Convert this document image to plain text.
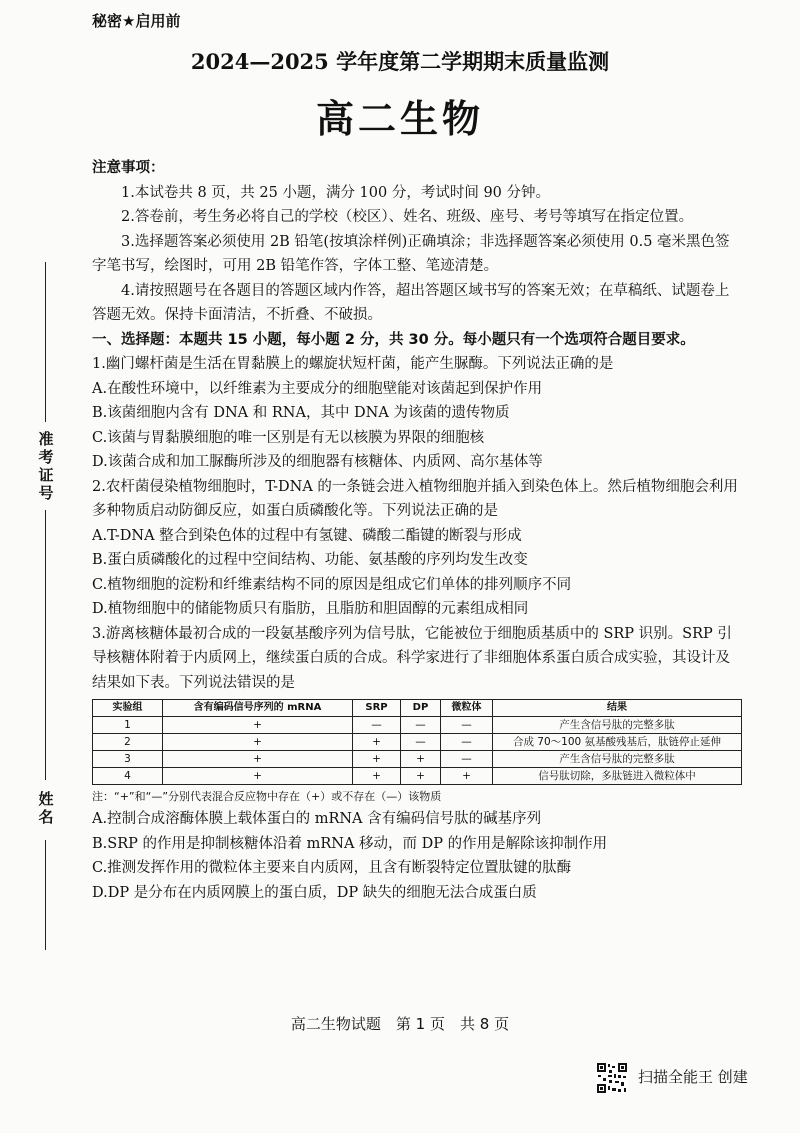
秘密★启用前
2024—2025 学年度第二学期期末质量监测
高二生物
准考证号
姓名

注意事项：

1.本试卷共 8 页，共 25 小题，满分 100 分，考试时间 90 分钟。

2.答卷前，考生务必将自己的学校（校区）、姓名、班级、座号、考号等填写在指定位置。

3.选择题答案必须使用 2B 铅笔(按填涂样例)正确填涂；非选择题答案必须使用 0.5 毫米黑色签字笔书写，绘图时，可用 2B 铅笔作答，字体工整、笔迹清楚。

4.请按照题号在各题目的答题区域内作答，超出答题区域书写的答案无效；在草稿纸、试题卷上答题无效。保持卡面清洁，不折叠、不破损。

一、选择题：本题共 15 小题，每小题 2 分，共 30 分。每小题只有一个选项符合题目要求。

1.幽门螺杆菌是生活在胃黏膜上的螺旋状短杆菌，能产生脲酶。下列说法正确的是

A.在酸性环境中，以纤维素为主要成分的细胞壁能对该菌起到保护作用

B.该菌细胞内含有 DNA 和 RNA，其中 DNA 为该菌的遗传物质

C.该菌与胃黏膜细胞的唯一区别是有无以核膜为界限的细胞核

D.该菌合成和加工脲酶所涉及的细胞器有核糖体、内质网、高尔基体等

2.农杆菌侵染植物细胞时，T-DNA 的一条链会进入植物细胞并插入到染色体上。然后植物细胞会利用多种物质启动防御反应，如蛋白质磷酸化等。下列说法正确的是

A.T-DNA 整合到染色体的过程中有氢键、磷酸二酯键的断裂与形成

B.蛋白质磷酸化的过程中空间结构、功能、氨基酸的序列均发生改变

C.植物细胞的淀粉和纤维素结构不同的原因是组成它们单体的排列顺序不同

D.植物细胞中的储能物质只有脂肪，且脂肪和胆固醇的元素组成相同

3.游离核糖体最初合成的一段氨基酸序列为信号肽，它能被位于细胞质基质中的 SRP 识别。SRP 引导核糖体附着于内质网上，继续蛋白质的合成。科学家进行了非细胞体系蛋白质合成实验，其设计及结果如下表。下列说法错误的是

实验组	含有编码信号序列的 mRNA	SRP	DP	微粒体	结果
1	+	—	—	—	产生含信号肽的完整多肽
2	+	+	—	—	合成 70～100 氨基酸残基后，肽链停止延伸
3	+	+	+	—	产生含信号肽的完整多肽
4	+	+	+	+	信号肽切除，多肽链进入微粒体中

注：“+”和“—”分别代表混合反应物中存在（+）或不存在（—）该物质

A.控制合成溶酶体膜上载体蛋白的 mRNA 含有编码信号肽的碱基序列

B.SRP 的作用是抑制核糖体沿着 mRNA 移动，而 DP 的作用是解除该抑制作用

C.推测发挥作用的微粒体主要来自内质网，且含有断裂特定位置肽键的肽酶

D.DP 是分布在内质网膜上的蛋白质，DP 缺失的细胞无法合成蛋白质

高二生物试题　第 1 页　共 8 页
扫描全能王 创建
